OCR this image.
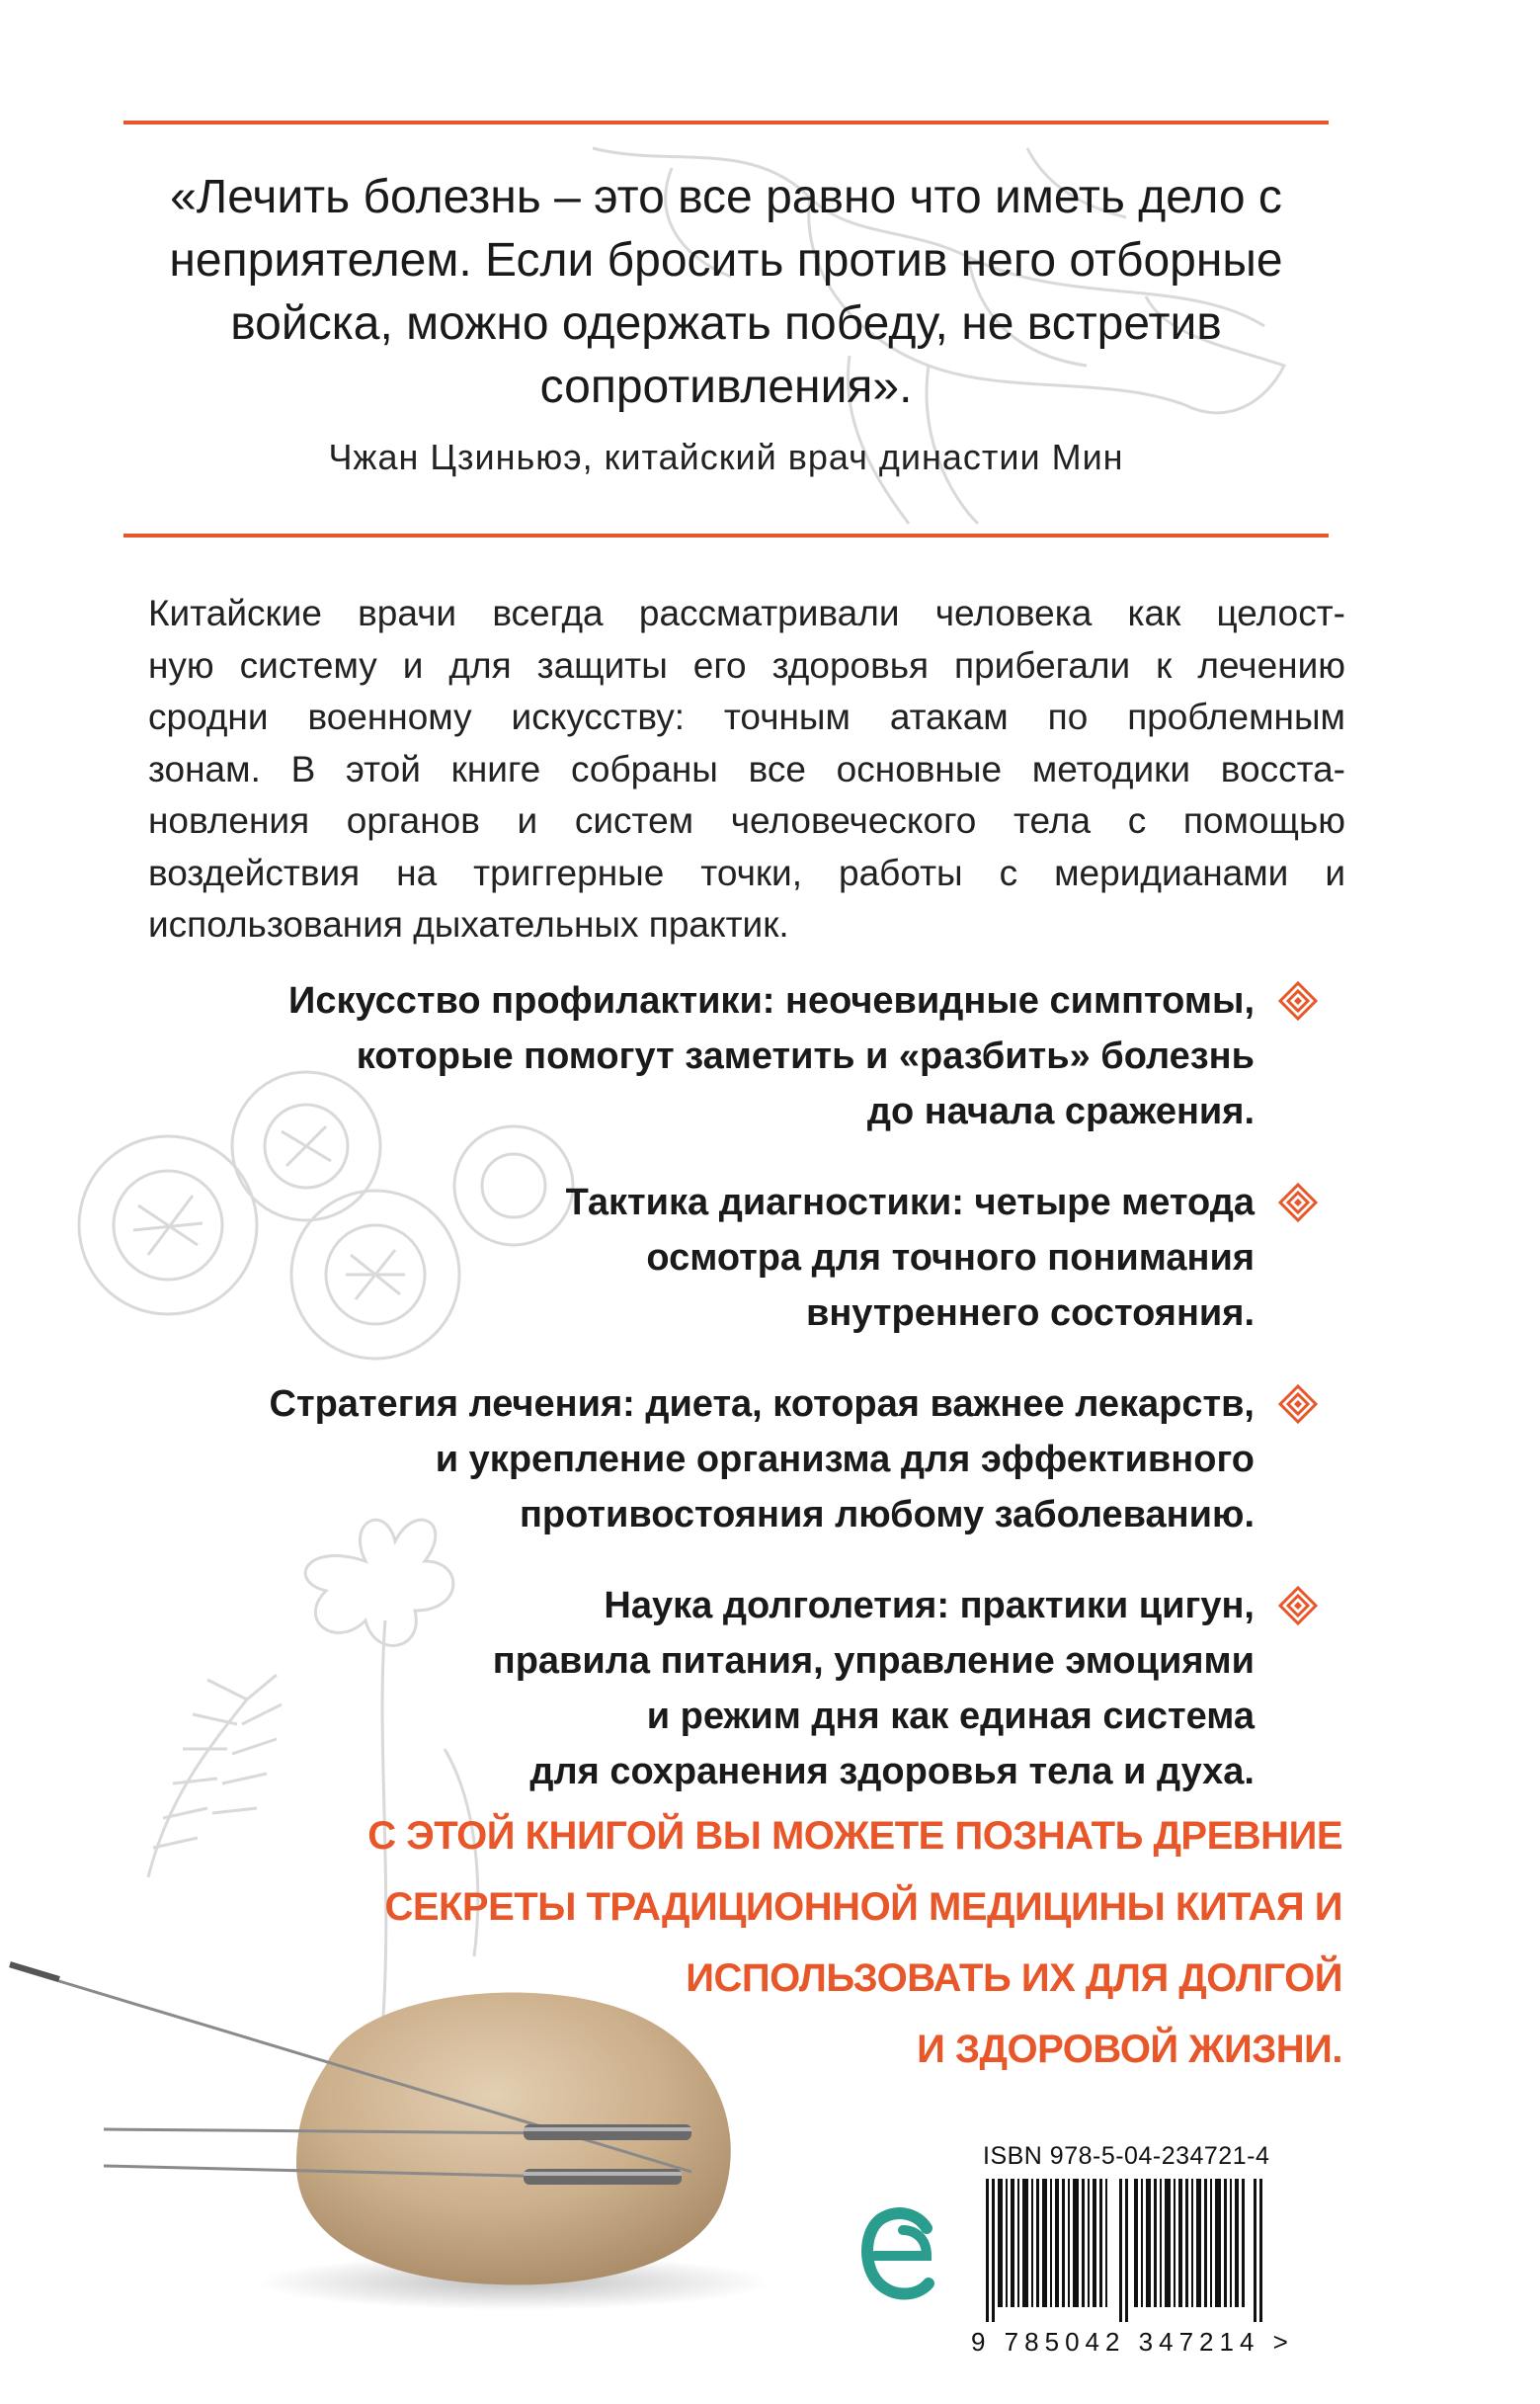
«Лечить болезнь – это все равно что иметь дело с
неприятелем. Если бросить против него отборные
войска, можно одержать победу, не встретив
сопротивления».
Чжан Цзиньюэ, китайский врач династии Мин
Китайские врачи всегда рассматривали человека как целост-
ную систему и для защиты его здоровья прибегали к лечению
сродни военному искусству: точным атакам по проблемным
зонам. В этой книге собраны все основные методики восста-
новления органов и систем человеческого тела с помощью
воздействия на триггерные точки, работы с меридианами и
использования дыхательных практик.
Искусство профилактики: неочевидные симптомы,
которые помогут заметить и «разбить» болезнь
до начала сражения.
Тактика диагностики: четыре метода
осмотра для точного понимания
внутреннего состояния.
Стратегия лечения: диета, которая важнее лекарств,
и укрепление организма для эффективного
противостояния любому заболеванию.
Наука долголетия: практики цигун,
правила питания, управление эмоциями
и режим дня как единая система
для сохранения здоровья тела и духа.
С ЭТОЙ КНИГОЙ ВЫ МОЖЕТЕ ПОЗНАТЬ ДРЕВНИЕ
СЕКРЕТЫ ТРАДИЦИОННОЙ МЕДИЦИНЫ КИТАЯ И
ИСПОЛЬЗОВАТЬ ИХ ДЛЯ ДОЛГОЙ
И ЗДОРОВОЙ ЖИЗНИ.
ISBN 978-5-04-234721-4
9 785042 347214 >
